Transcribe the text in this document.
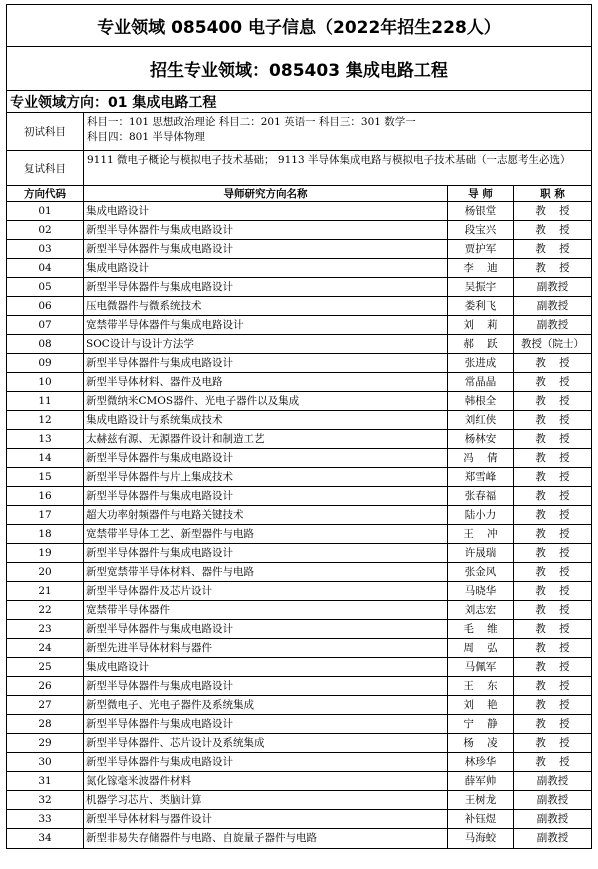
专业领域 085400 电子信息（2022年招生228人）
招生专业领域：085403 集成电路工程
专业领域方向：01 集成电路工程
初试科目
科目一：101 思想政治理论 科目二：201 英语一 科目三：301 数学一
科目四：801 半导体物理
复试科目
9111 微电子概论与模拟电子技术基础； 9113 半导体集成电路与模拟电子技术基础（一志愿考生必选）
方向代码	导师研究方向名称	导 师	职 称
01	集成电路设计	杨银堂	教    授
02	新型半导体器件与集成电路设计	段宝兴	教    授
03	新型半导体器件与集成电路设计	贾护军	教    授
04	集成电路设计	李    迪	教    授
05	新型半导体器件与集成电路设计	吴振宇	副教授
06	压电微器件与微系统技术	娄利飞	副教授
07	宽禁带半导体器件与集成电路设计	刘    莉	副教授
08	SOC设计与设计方法学	郝    跃	教授（院士）
09	新型半导体器件与集成电路设计	张进成	教    授
10	新型半导体材料、器件及电路	常晶晶	教    授
11	新型微纳米CMOS器件、光电子器件以及集成	韩根全	教    授
12	集成电路设计与系统集成技术	刘红侠	教    授
13	太赫兹有源、无源器件设计和制造工艺	杨林安	教    授
14	新型半导体器件与集成电路设计	冯    倩	教    授
15	新型半导体器件与片上集成技术	郑雪峰	教    授
16	新型半导体器件与集成电路设计	张春福	教    授
17	超大功率射频器件与电路关键技术	陆小力	教    授
18	宽禁带半导体工艺、新型器件与电路	王    冲	教    授
19	新型半导体器件与集成电路设计	许晟瑞	教    授
20	新型宽禁带半导体材料、器件与电路	张金风	教    授
21	新型半导体器件及芯片设计	马晓华	教    授
22	宽禁带半导体器件	刘志宏	教    授
23	新型半导体器件与集成电路设计	毛    维	教    授
24	新型先进半导体材料与器件	周    弘	教    授
25	集成电路设计	马佩军	教    授
26	新型半导体器件与集成电路设计	王    东	教    授
27	新型微电子、光电子器件及系统集成	刘    艳	教    授
28	新型半导体器件与集成电路设计	宁    静	教    授
29	新型半导体器件、芯片设计及系统集成	杨    凌	教    授
30	新型半导体器件与集成电路设计	林珍华	教    授
31	氮化镓毫米波器件材料	薛军帅	副教授
32	机器学习芯片、类脑计算	王树龙	副教授
33	新型半导体材料与器件设计	补钰煜	副教授
34	新型非易失存储器件与电路、自旋量子器件与电路	马海蛟	副教授
